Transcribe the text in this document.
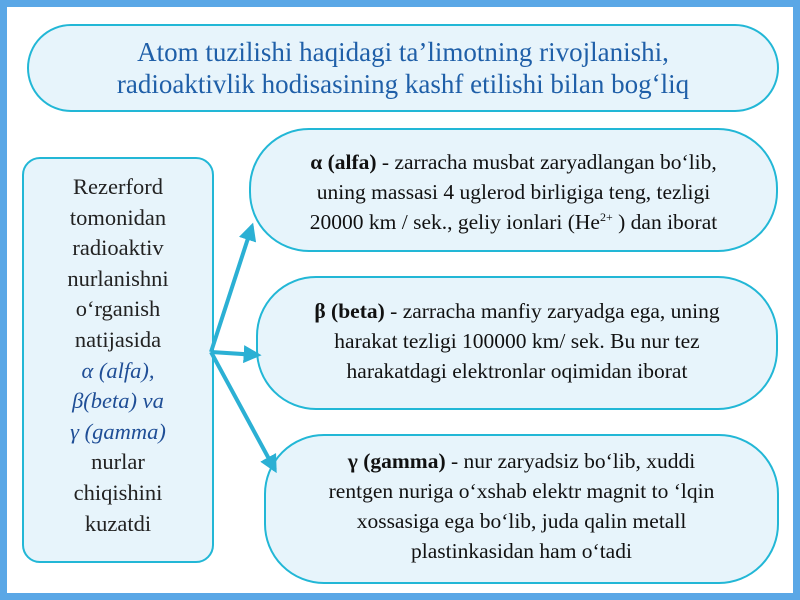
Atom tuzilishi haqidagi ta’limotning rivojlanishi,
radioaktivlik hodisasining kashf etilishi bilan bog‘liq
Rezerford
tomonidan
radioaktiv
nurlanishni
o‘rganish
natijasida
α (alfa),
β(beta) va
γ (gamma)
nurlar
chiqishini
kuzatdi
α (alfa) - zarracha musbat zaryadlangan bo‘lib,
uning massasi 4 uglerod birligiga teng, tezligi
20000 km / sek., geliy ionlari ($He^{2+}$ ) dan iborat
β (beta) - zarracha manfiy zaryadga ega, uning
harakat tezligi 100000 km/ sek. Bu nur tez
harakatdagi elektronlar oqimidan iborat
γ (gamma) - nur zaryadsiz bo‘lib, xuddi
rentgen nuriga o‘xshab elektr magnit to ‘lqin
xossasiga ega bo‘lib, juda qalin metall
plastinkasidan ham o‘tadi
